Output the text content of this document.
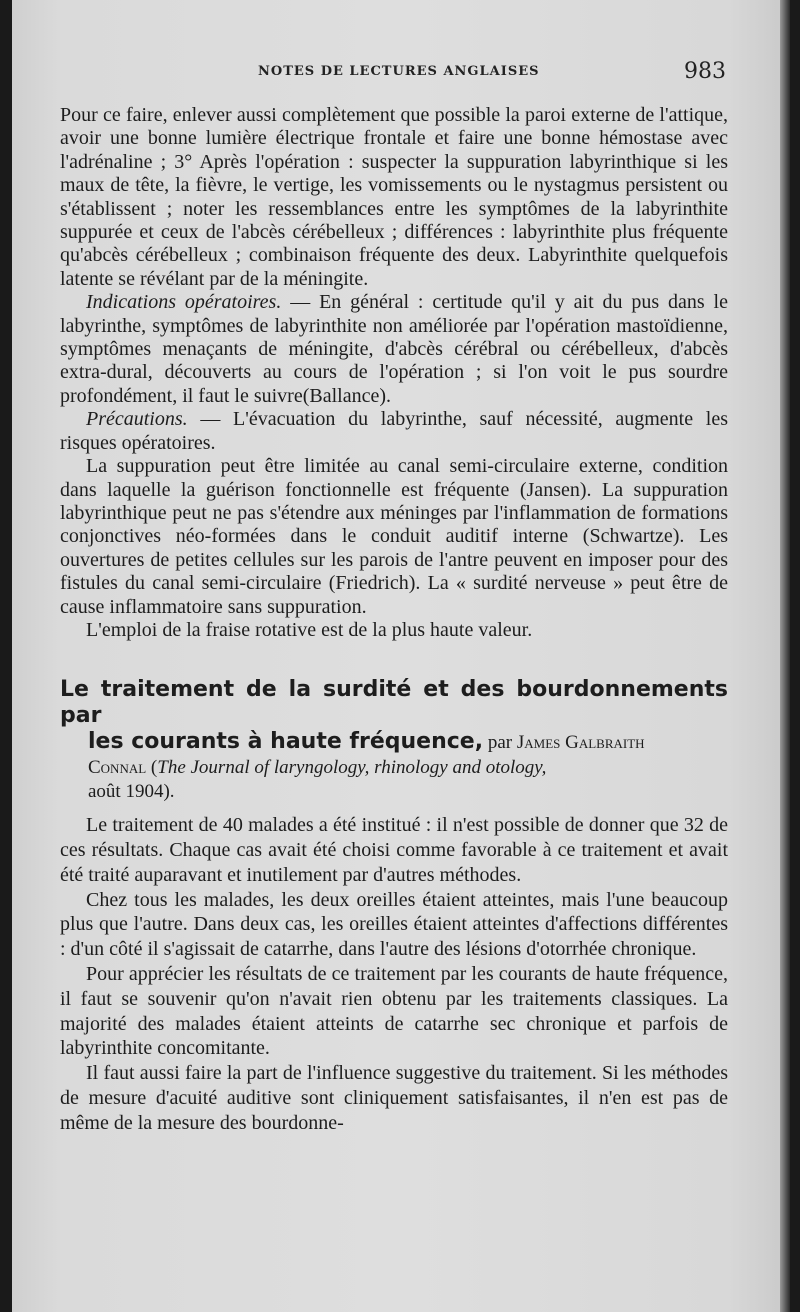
NOTES DE LECTURES ANGLAISES	983

Pour ce faire, enlever aussi complètement que possible la paroi externe de l'attique, avoir une bonne lumière électrique frontale et faire une bonne hémostase avec l'adrénaline ; 3° Après l'opération : suspecter la suppuration labyrinthique si les maux de tête, la fièvre, le vertige, les vomissements ou le nystagmus persistent ou s'établissent ; noter les ressemblances entre les symptômes de la labyrinthite suppurée et ceux de l'abcès cérébelleux ; différences : labyrinthite plus fréquente qu'abcès cérébelleux ; combinaison fréquente des deux. Labyrinthite quelquefois latente se révélant par de la méningite.

Indications opératoires. — En général : certitude qu'il y ait du pus dans le labyrinthe, symptômes de labyrinthite non améliorée par l'opération mastoïdienne, symptômes menaçants de méningite, d'abcès cérébral ou cérébelleux, d'abcès extra-dural, découverts au cours de l'opération ; si l'on voit le pus sourdre profondément, il faut le suivre(Ballance).

Précautions. — L'évacuation du labyrinthe, sauf nécessité, augmente les risques opératoires.

La suppuration peut être limitée au canal semi-circulaire externe, condition dans laquelle la guérison fonctionnelle est fréquente (Jansen). La suppuration labyrinthique peut ne pas s'étendre aux méninges par l'inflammation de formations conjonctives néo-formées dans le conduit auditif interne (Schwartze). Les ouvertures de petites cellules sur les parois de l'antre peuvent en imposer pour des fistules du canal semi-circulaire (Friedrich). La « surdité nerveuse » peut être de cause inflammatoire sans suppuration.

L'emploi de la fraise rotative est de la plus haute valeur.

Le traitement de la surdité et des bourdonnements par
les courants à haute fréquence, par James Galbraith

Connal (The Journal of laryngology, rhinology and otology,
août 1904).

Le traitement de 40 malades a été institué : il n'est possible de donner que 32 de ces résultats. Chaque cas avait été choisi comme favorable à ce traitement et avait été traité auparavant et inutilement par d'autres méthodes.

Chez tous les malades, les deux oreilles étaient atteintes, mais l'une beaucoup plus que l'autre. Dans deux cas, les oreilles étaient atteintes d'affections différentes : d'un côté il s'agissait de catarrhe, dans l'autre des lésions d'otorrhée chronique.

Pour apprécier les résultats de ce traitement par les courants de haute fréquence, il faut se souvenir qu'on n'avait rien obtenu par les traitements classiques. La majorité des malades étaient atteints de catarrhe sec chronique et parfois de labyrinthite concomitante.

Il faut aussi faire la part de l'influence suggestive du traitement. Si les méthodes de mesure d'acuité auditive sont cliniquement satisfaisantes, il n'en est pas de même de la mesure des bourdonne-
